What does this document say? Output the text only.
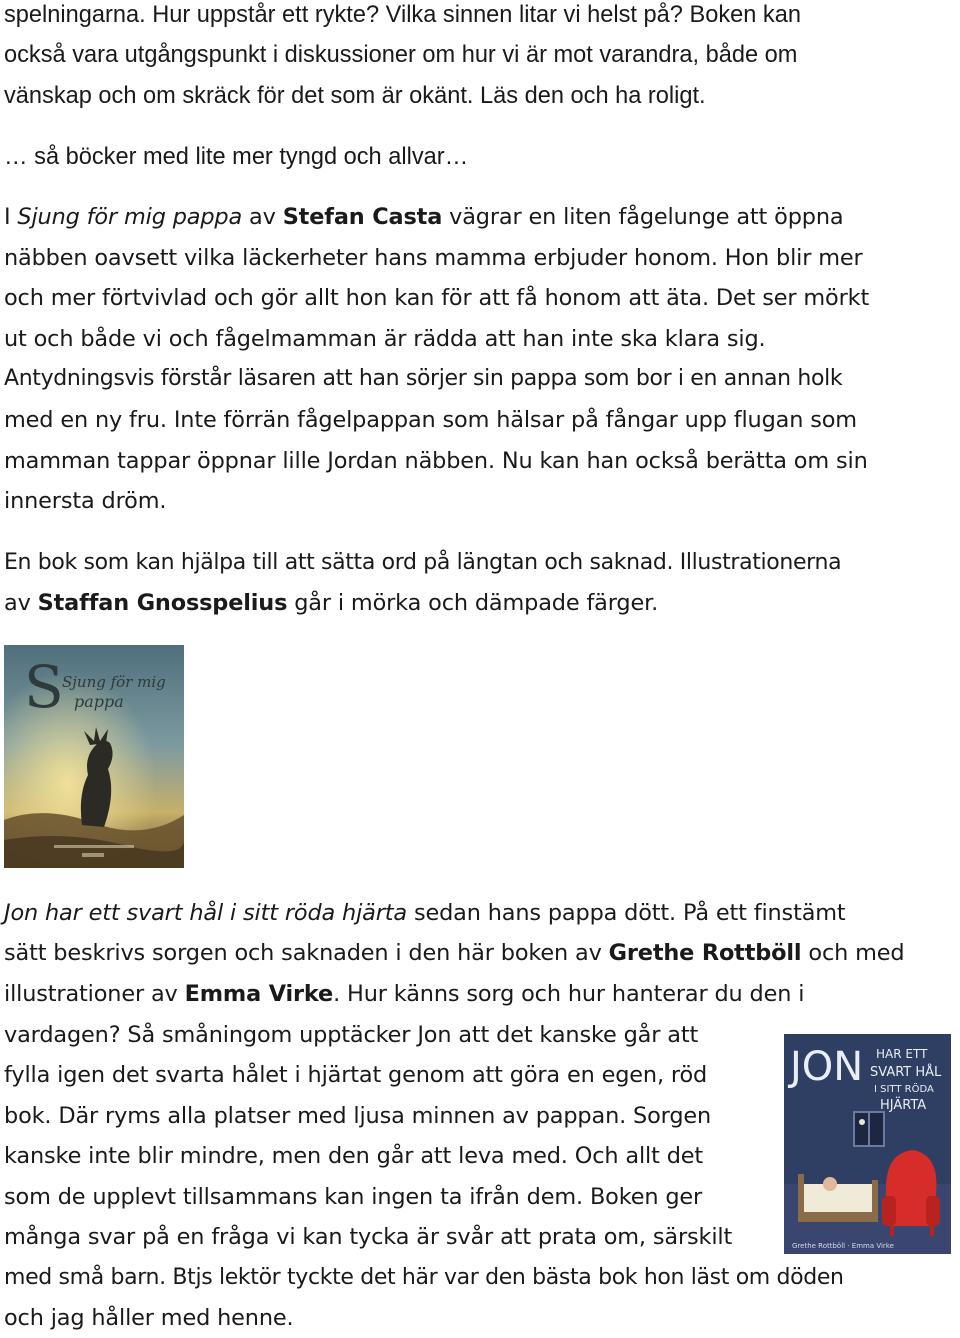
spelningarna. Hur uppstår ett rykte? Vilka sinnen litar vi helst på? Boken kan
också vara utgångspunkt i diskussioner om hur vi är mot varandra, både om
vänskap och om skräck för det som är okänt. Läs den och ha roligt.
… så böcker med lite mer tyngd och allvar…
I Sjung för mig pappa av Stefan Casta vägrar en liten fågelunge att öppna
näbben oavsett vilka läckerheter hans mamma erbjuder honom. Hon blir mer
och mer förtvivlad och gör allt hon kan för att få honom att äta. Det ser mörkt
ut och både vi och fågelmamman är rädda att han inte ska klara sig.
Antydningsvis förstår läsaren att han sörjer sin pappa som bor i en annan holk
med en ny fru. Inte förrän fågelpappan som hälsar på fångar upp flugan som
mamman tappar öppnar lille Jordan näbben. Nu kan han också berätta om sin
innersta dröm.
En bok som kan hjälpa till att sätta ord på längtan och saknad. Illustrationerna
av Staffan Gnosspelius går i mörka och dämpade färger.
S
Sjung för mig
pappa
Jon har ett svart hål i sitt röda hjärta sedan hans pappa dött. På ett finstämt
sätt beskrivs sorgen och saknaden i den här boken av Grethe Rottböll och med
illustrationer av Emma Virke. Hur känns sorg och hur hanterar du den i
vardagen? Så småningom upptäcker Jon att det kanske går att
fylla igen det svarta hålet i hjärtat genom att göra en egen, röd
bok. Där ryms alla platser med ljusa minnen av pappan. Sorgen
kanske inte blir mindre, men den går att leva med. Och allt det
som de upplevt tillsammans kan ingen ta ifrån dem. Boken ger
många svar på en fråga vi kan tycka är svår att prata om, särskilt
med små barn. Btjs lektör tyckte det här var den bästa bok hon läst om döden
och jag håller med henne.
JON HAR ETT
SVART HÅL
I SITT RÖDA
HJÄRTA
Grethe Rottböll · Emma Virke
